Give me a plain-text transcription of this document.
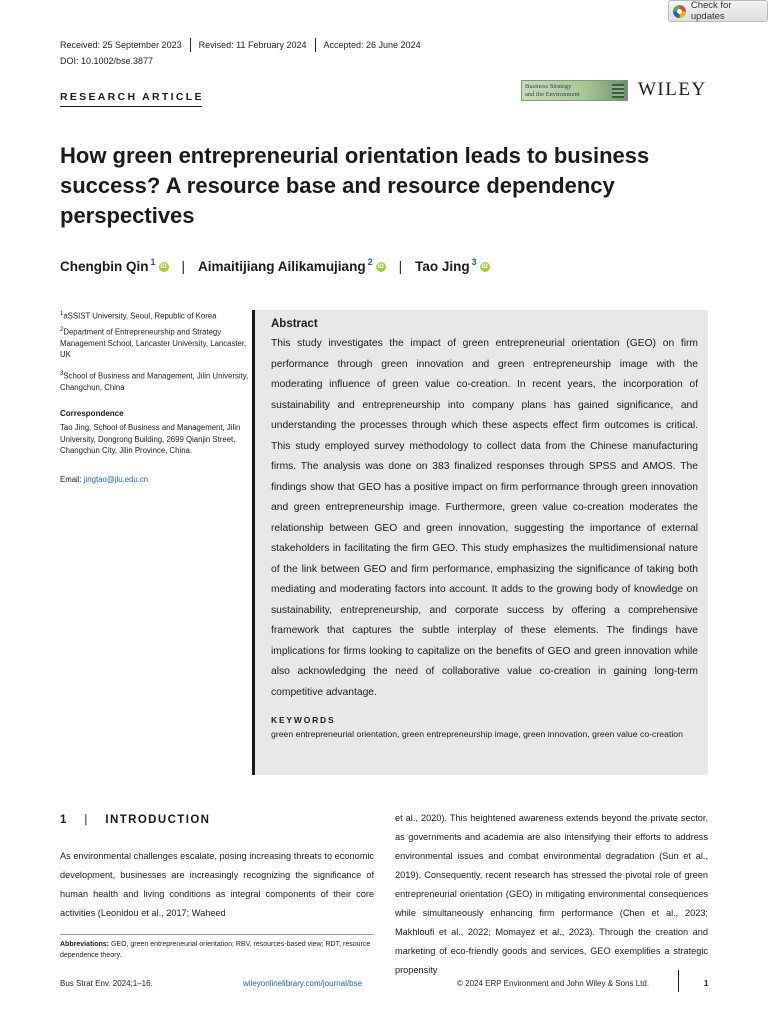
Check for updates
Received: 25 September 2023 Revised: 11 February 2024 Accepted: 26 June 2024
DOI: 10.1002/bse.3877
RESEARCH ARTICLE
Business Strategy
and the Environment	WILEY
How green entrepreneurial orientation leads to business success? A resource base and resource dependency perspectives
Chengbin Qin$^1$ iD | Aimaitijiang Ailikamujiang$^2$ iD | Tao Jing$^3$ iD
$^1$aSSIST University, Seoul, Republic of Korea
$^2$Department of Entrepreneurship and Strategy Management School, Lancaster University, Lancaster, UK
$^3$School of Business and Management, Jilin University, Changchun, China
Correspondence
Tao Jing, School of Business and Management, Jilin University, Dongrong Building, 2699 Qianjin Street, Changchun City, Jilin Province, China.
Email: jingtao@jlu.edu.cn
Abstract

This study investigates the impact of green entrepreneurial orientation (GEO) on firm performance through green innovation and green entrepreneurship image with the moderating influence of green value co-creation. In recent years, the incorporation of sustainability and entrepreneurship into company plans has gained significance, and understanding the processes through which these aspects effect firm outcomes is critical. This study employed survey methodology to collect data from the Chinese manufacturing firms. The analysis was done on 383 finalized responses through SPSS and AMOS. The findings show that GEO has a positive impact on firm performance through green innovation and green entrepreneurship image. Furthermore, green value co-creation moderates the relationship between GEO and green innovation, suggesting the importance of external stakeholders in facilitating the firm GEO. This study emphasizes the multidimensional nature of the link between GEO and firm performance, emphasizing the significance of taking both mediating and moderating factors into account. It adds to the growing body of knowledge on sustainability, entrepreneurship, and corporate success by offering a comprehensive framework that captures the subtle interplay of these elements. The findings have implications for firms looking to capitalize on the benefits of GEO and green innovation while also acknowledging the need of collaborative value co-creation in gaining long-term competitive advantage.

KEYWORDS
green entrepreneurial orientation, green entrepreneurship image, green innovation, green value co-creation
1 | INTRODUCTION

As environmental challenges escalate, posing increasing threats to economic development, businesses are increasingly recognizing the significance of human health and living conditions as integral components of their core activities (Leonidou et al., 2017; Waheed

et al., 2020). This heightened awareness extends beyond the private sector, as governments and academia are also intensifying their efforts to address environmental issues and combat environmental degradation (Sun et al., 2019). Consequently, recent research has stressed the pivotal role of green entrepreneurial orientation (GEO) in mitigating environmental consequences while simultaneously enhancing firm performance (Chen et al., 2023; Makhloufi et al., 2022; Momayez et al., 2023). Through the creation and marketing of eco-friendly goods and services, GEO exemplifies a strategic propensity

Abbreviations: GEO, green entrepreneurial orientation; RBV, resources-based view; RDT, resource dependence theory.
Bus Strat Env. 2024;1–16.	wileyonlinelibrary.com/journal/bse	© 2024 ERP Environment and John Wiley & Sons Ltd.	1
